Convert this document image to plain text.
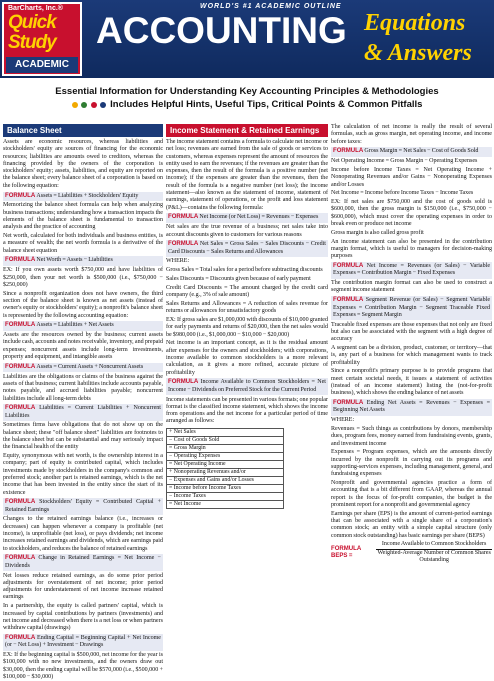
BarCharts, Inc.®
Quick
Study
ACADEMIC
WORLD'S #1 ACADEMIC OUTLINE
ACCOUNTING Equations
& Answers
Essential Information for Understanding Key Accounting Principles & Methodologies
Includes Helpful Hints, Useful Tips, Critical Points & Common Pitfalls
Balance Sheet
Assets are economic resources, whereas liabilities and stockholders' equity are sources of financing for the economic resources; liabilities are amounts owed to creditors, whereas the financing provided by the owners of the corporation is stockholders' equity; assets, liabilities, and equity are reported on the balance sheet; every balance sheet of a corporation is based on the following equation:
FORMULA Assets = Liabilities + Stockholders' Equity
Memorizing the balance sheet formula can help when analyzing business transactions; understanding how a transaction impacts the elements of the balance sheet is fundamental to transaction analysis and the practice of accounting
Net worth, calculated for both individuals and business entities, is a measure of wealth; the net worth formula is a derivative of the balance sheet equation
FORMULA Net Worth = Assets − Liabilities
EX: If you own assets worth $750,000 and have liabilities of $250,000, then your net worth is $500,000 (i.e., $750,000 − $250,000)
Since a nonprofit organization does not have owners, the third section of the balance sheet is known as net assets (instead of owner's equity or stockholders' equity); a nonprofit's balance sheet is represented by the following accounting equation:
FORMULA Assets = Liabilities + Net Assets
Assets are the resources owned by the business; current assets include cash, accounts and notes receivable, inventory, and prepaid expenses; noncurrent assets include long-term investments, property and equipment, and intangible assets
FORMULA Assets = Current Assets + Noncurrent Assets
Liabilities are the obligations or claims of the business against the assets of that business; current liabilities include accounts payable, notes payable, and accrued liabilities payable; noncurrent liabilities include all long-term debts
FORMULA Liabilities = Current Liabilities + Noncurrent Liabilities
Sometimes firms have obligations that do not show up on the balance sheet; these "off balance sheet" liabilities are footnotes to the balance sheet but can be substantial and may seriously impact the financial health of the entity
Equity, synonymous with net worth, is the ownership interest in a company; part of equity is contributed capital, which includes investments made by stockholders in the company's common and preferred stock; another part is retained earnings, which is the net income that has been invested in the entity since the start of its existence
FORMULA Stockholders' Equity = Contributed Capital + Retained Earnings
Changes to the retained earnings balance (i.e., increases or decreases) can happen whenever a company is profitable (net income), is unprofitable (net loss), or pays dividends; net income increases retained earnings and dividends, which are earnings paid to stockholders, and reduces the balance of retained earnings
FORMULA Change in Retained Earnings = Net Income − Dividends
Net losses reduce retained earnings, as do some prior period adjustments for overstatement of net income; prior period adjustments for understatement of net income increase retained earnings
In a partnership, the equity is called partners' capital, which is increased by capital contributions by partners (investments) and net income and decreased when there is a net loss or when partners withdraw capital (drawings)
FORMULA Ending Capital = Beginning Capital + Net Income (or − Net Loss) + Investment − Drawings
EX: If the beginning capital is $500,000, net income for the year is $100,000 with no new investments, and the owners draw out $30,000, then the ending capital will be $570,000 (i.e., $500,000 + $100,000 − $30,000)
Income Statement & Retained Earnings
The income statement contains a formula to calculate net income or net loss; revenues are earned from the sale of goods or services to customers, whereas expenses represent the amount of resources the entity used to earn the revenues; if the revenues are greater than the expenses, then the result of the formula is a positive number (net income); if the expenses are greater than the revenues, then the result of the formula is a negative number (net loss); the income statement—also known as the statement of income, statement of earnings, statement of operations, or the profit and loss statement (P&L)—contains the following formula:
FORMULA Net Income (or Net Loss) = Revenues − Expenses
Net sales are the true revenue of a business; net sales take into account discounts given to customers for various reasons
FORMULA Net Sales = Gross Sales − Sales Discounts − Credit Card Discounts − Sales Returns and Allowances
WHERE:
Gross Sales = Total sales for a period before subtracting discounts
Sales Discounts = Discounts given because of early payment
Credit Card Discounts = The amount charged by the credit card company (e.g., 3% of sale amount)
Sales Returns and Allowances = A reduction of sales revenue for returns or allowances for unsatisfactory goods
EX: If gross sales are $1,000,000 with discounts of $10,000 granted for early payments and returns of $20,000, then the net sales would be $980,000 (i.e., $1,000,000 − $10,000 − $20,000)
Net income is an important concept, as it is the residual amount after expenses for the owners and stockholders; with corporations, income available to common stockholders is a more relevant calculation, as it gives a more refined, accurate picture of profitability
FORMULA Income Available to Common Stockholders = Net Income − Dividends on Preferred Stock for the Current Period
Income statements can be presented in various formats; one popular format is the classified income statement, which shows the income from operations and the net income for a particular period of time arranged as follows:
+ Net Sales
− Cost of Goods Sold
= Gross Margin
− Operating Expenses
= Net Operating Income
+ Nonoperating Revenues and/or
− Expenses and Gains and/or Losses
= Income before Income Taxes
− Income Taxes
= Net Income
The calculation of net income is really the result of several formulas, such as gross margin, net operating income, and income before taxes:
FORMULA Gross Margin = Net Sales − Cost of Goods Sold
Net Operating Income = Gross Margin − Operating Expenses
Income before Income Taxes = Net Operating Income + Nonoperating Revenues and/or Gains − Nonoperating Expenses and/or Losses
Net Income = Income before Income Taxes − Income Taxes
EX: If net sales are $750,000 and the cost of goods sold is $600,000, then the gross margin is $150,000 (i.e., $750,000 − $600,000), which must cover the operating expenses in order to break even or produce net income
Gross margin is also called gross profit
An income statement can also be presented in the contribution margin format, which is useful to managers for decision-making purposes
FORMULA Net Income = Revenues (or Sales) − Variable Expenses = Contribution Margin − Fixed Expenses
The contribution margin format can also be used to construct a segment income statement
FORMULA Segment Revenue (or Sales) − Segment Variable Expenses = Contribution Margin − Segment Traceable Fixed Expenses = Segment Margin
Traceable fixed expenses are those expenses that not only are fixed but also can be associated with the segment with a high degree of accuracy
A segment can be a division, product, customer, or territory—that is, any part of a business for which management wants to track profitability
Since a nonprofit's primary purpose is to provide programs that meet certain societal needs, it issues a statement of activities (instead of an income statement) listing the (not-for-profit business), which shows the ending balance of net assets
FORMULA Ending Net Assets = Revenues − Expenses = Beginning Net Assets
WHERE:
Revenues = Such things as contributions by donors, membership dues, program fees, money earned from fundraising events, grants, and investment income
Expenses = Program expenses, which are the amounts directly incurred by the nonprofit in carrying out its programs and supporting-services expenses, including management, general, and fundraising expenses
Nonprofit and governmental agencies practice a form of accounting that is a bit different from GAAP, whereas the annual report is the focus of for-profit companies, the budget is the prominent report for a nonprofit and governmental agency
Earnings per share (EPS) is the amount of current-period earnings that can be associated with a single share of a corporation's common stock; an entity with a simple capital structure (only common stock outstanding) has basic earnings per share (BEPS)
FORMULA BEPS =
Income Available to Common Stockholders
Weighted-Average Number of Common Shares Outstanding
